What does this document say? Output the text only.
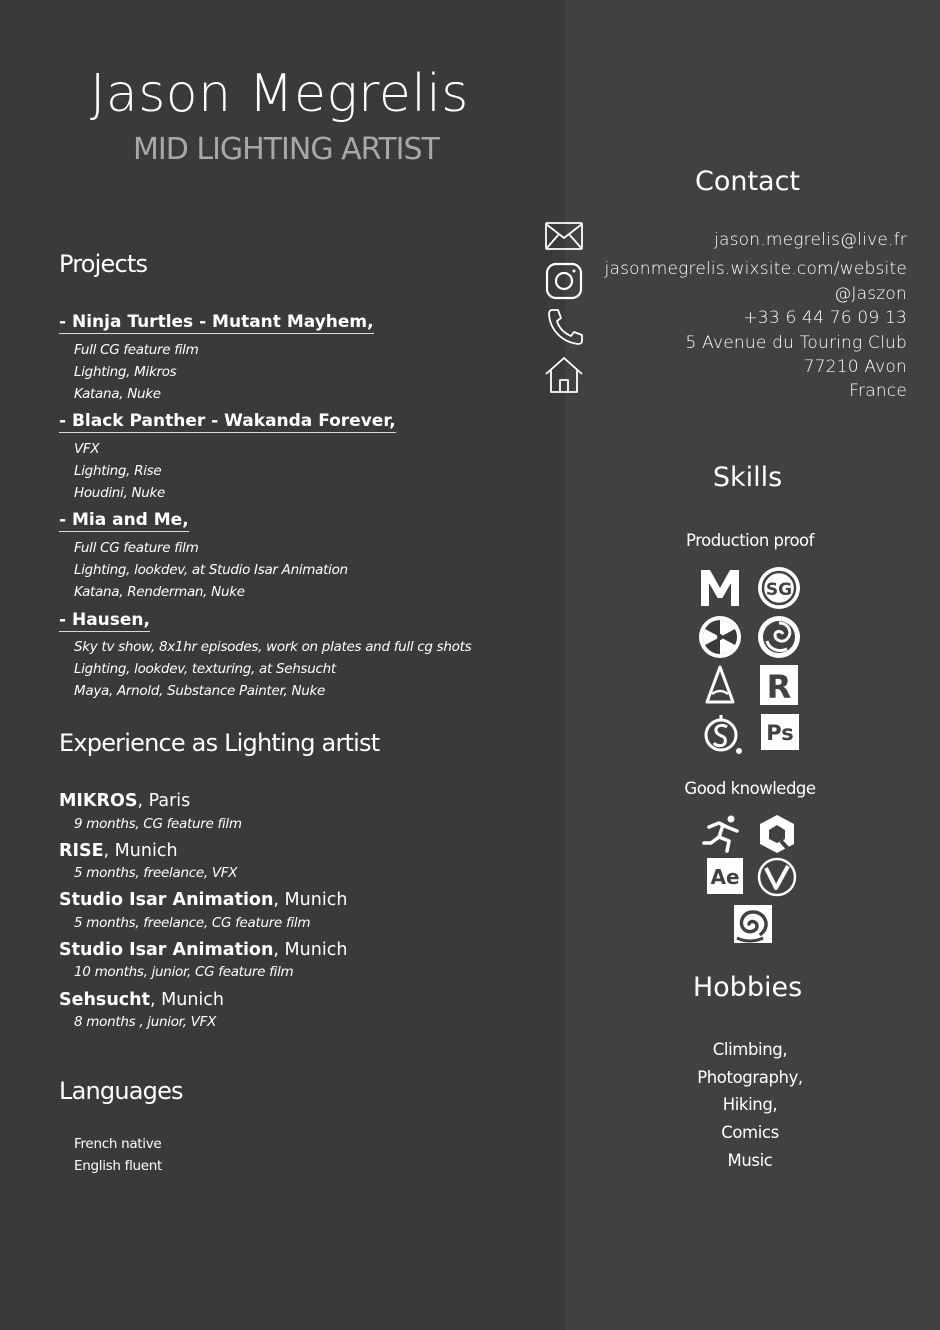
Jason Megrelis
MID LIGHTING ARTIST
Projects
- Ninja Turtles - Mutant Mayhem,
Full CG feature film
Lighting, Mikros
Katana, Nuke
- Black Panther - Wakanda Forever,
VFX
Lighting, Rise
Houdini, Nuke
- Mia and Me,
Full CG feature film
Lighting, lookdev, at Studio Isar Animation
Katana, Renderman, Nuke
- Hausen,
Sky tv show, 8x1hr episodes, work on plates and full cg shots
Lighting, lookdev, texturing, at Sehsucht
Maya, Arnold, Substance Painter, Nuke
Experience as Lighting artist
MIKROS, Paris
9 months, CG feature film
RISE, Munich
5 months, freelance, VFX
Studio Isar Animation, Munich
5 months, freelance, CG feature film
Studio Isar Animation, Munich
10 months, junior, CG feature film
Sehsucht, Munich
8 months , junior, VFX
Languages
French native
English fluent
Contact
jason.megrelis@live.fr
jasonmegrelis.wixsite.com/website
@Jaszon
+33 6 44 76 09 13
5 Avenue du Touring Club
77210 Avon
France
Skills
Production proof
SG
R
Ps
Good knowledge
Ae
Hobbies
Climbing,
Photography,
Hiking,
Comics
Music
